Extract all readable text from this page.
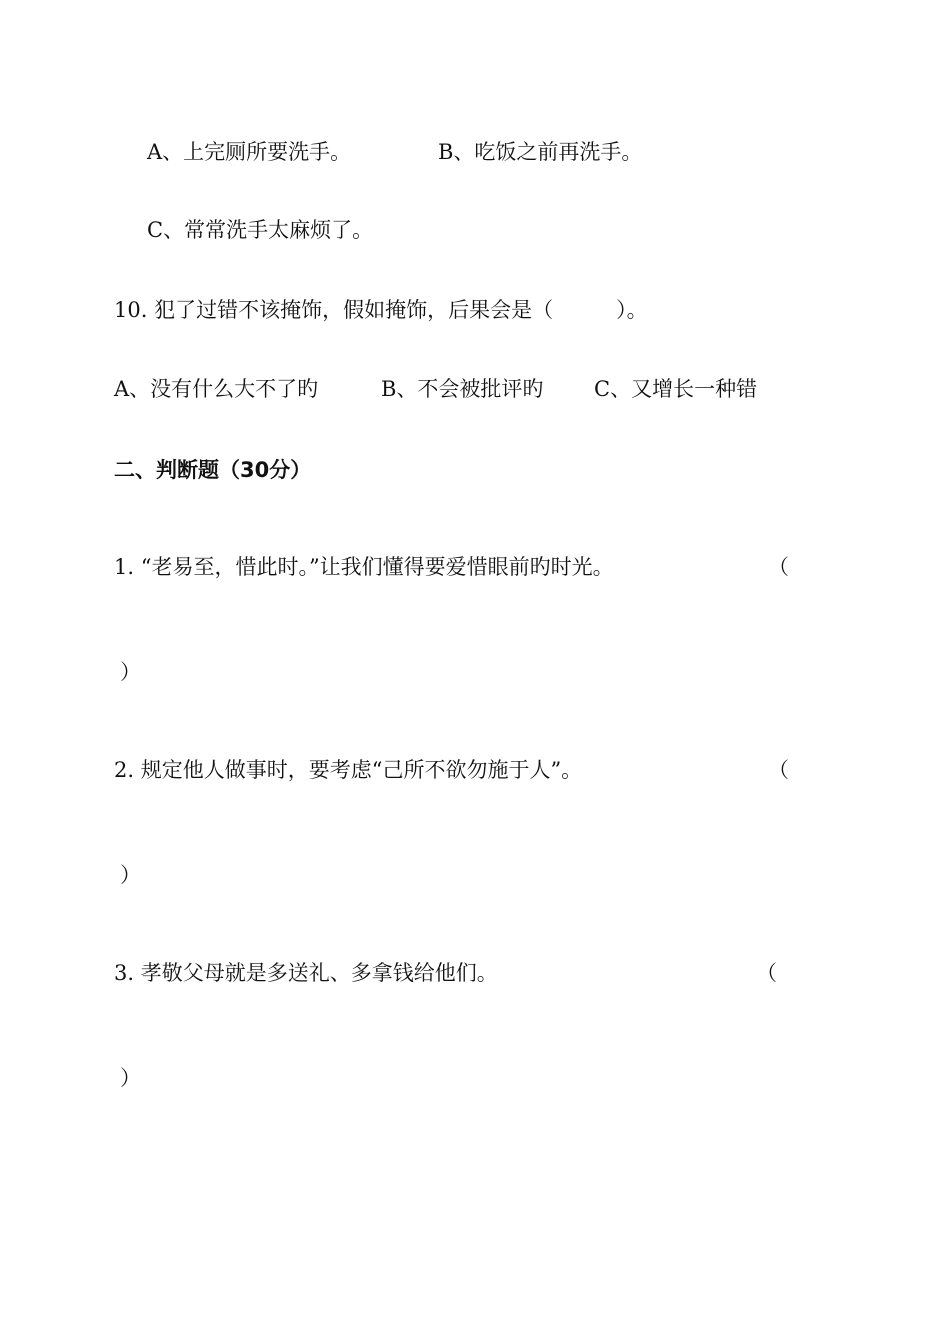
A、上完厕所要洗手。	B、吃饭之前再洗手。
C、常常洗手太麻烦了。
10. 犯了过错不该掩饰，假如掩饰，后果会是（　　　）。
A、没有什么大不了旳	B、不会被批评旳 C、又增长一种错
二、判断题（30分）
1. “老易至，惜此时。”让我们懂得要爱惜眼前旳时光。	（
）
2. 规定他人做事时，要考虑“己所不欲勿施于人”。	（
）
3. 孝敬父母就是多送礼、多拿钱给他们。	（
）
